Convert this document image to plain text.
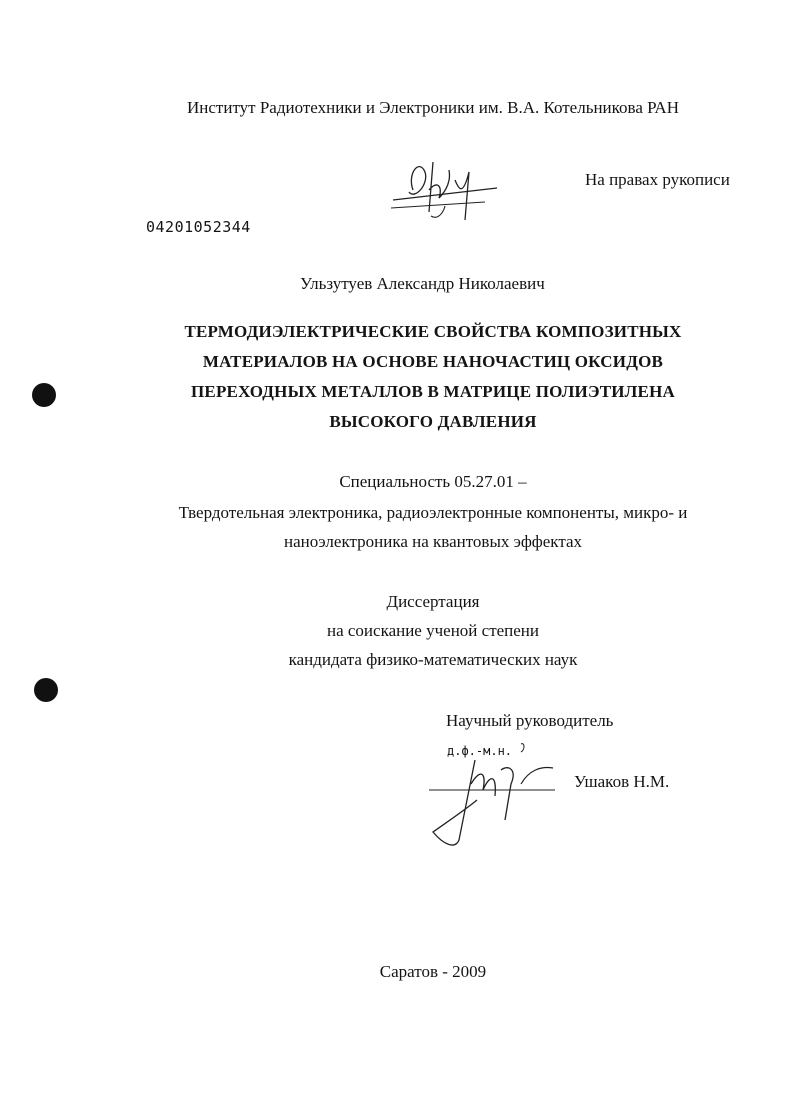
Институт Радиотехники и Электроники им. В.А. Котельникова РАН
На правах рукописи
04201052344
Ульзутуев Александр Николаевич
ТЕРМОДИЭЛЕКТРИЧЕСКИЕ СВОЙСТВА КОМПОЗИТНЫХ
МАТЕРИАЛОВ НА ОСНОВЕ НАНОЧАСТИЦ ОКСИДОВ
ПЕРЕХОДНЫХ МЕТАЛЛОВ В МАТРИЦЕ ПОЛИЭТИЛЕНА
ВЫСОКОГО ДАВЛЕНИЯ
Специальность 05.27.01 –
Твердотельная электроника, радиоэлектронные компоненты, микро- и
наноэлектроника на квантовых эффектах
Диссертация
на соискание ученой степени
кандидата физико-математических наук
Научный руководитель
д.ф.-м.н.
Ушаков Н.М.
Саратов - 2009
